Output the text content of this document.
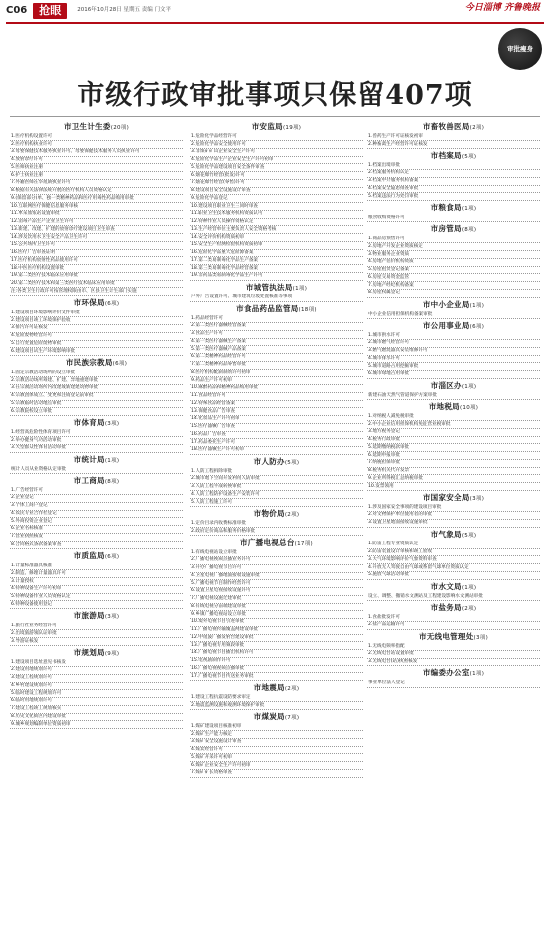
C06	抢眼	2016年10月28日 星期五 责编 门文平	今日淄博 齐鲁晚报
审批瘦身
市级行政审批事项只保留407项
市卫生计生委(20项)
1.医疗机构设置许可
2.医疗机构执业许可
3.母婴保健技术服务执业许可、母婴保健技术服务人员执业许可
4.放射诊疗许可
5.医师执业注册
6.护士执业注册
7.外籍医师在华短期执业许可
8.根据有关法律法规开展的医疗机构人员资格认定
9.(保留部分)单、独一类精神药品和医疗用毒性药品购用审批
10.互联网医疗保健信息服务审核
11.单采血浆站设置审批
12.消毒产品生产企业卫生许可
13.新建、改建、扩建的放射诊疗建设项目卫生审查
14.涉及饮用水卫生安全产品卫生许可
15.公共场所卫生许可
16.医疗广告审查证明
17.医疗机构放射性药品使用许可
18.中医医疗机构设置审批
19.第二类医疗技术临床应用审批
20.第二类医疗技术和第三类医疗技术临床应用审批
注:各类卫生行政许可按管理权限由市、区县卫生计生部门实施
市环保局(6项)
1.建设项目环境影响评价文件审批
2.建设项目竣工环境保护验收
3.排污许可证核发
4.危险废物经营许可
5.自行处置危险废物审批
6.建设项目试生产环境影响审批
市民族宗教局(6项)
1.固定宗教活动场所的设立审批
2.宗教活动场所筹建、扩建、异地重建审批
3.在宗教活动场所内改建或新建建筑物审批
4.宗教团体成立、变更和注销登记前审批
5.宗教临时活动地点审批
6.宗教院校设立审批
市体育局(3项)
1.经营高危险性体育项目许可
2.举办健身气功活动审批
3.大型群众性体育活动审批
市统计局(1项)
统计人员从业资格认定审批
市工商局(8项)
1.广告经营许可
2.企业登记
3.个体工商户登记
4.农民专业合作社登记
5.外商投资企业登记
6.企业名称核准
7.营业执照核发
8.合同格式条款备案审查
市质监局(6项)
1.计量标准器具核准
2.制造、修理计量器具许可
3.计量授权
4.特种设备生产许可初审
5.特种设备作业人员资格认定
6.特种设备使用登记
市旅游局(3项)
1.旅行社业务经营许可
2.出境旅游领队证审批
3.导游证核发
市规划局(9项)
1.建设项目选址意见书核发
2.建设用地规划许可
3.建设工程规划许可
4.乡村建设规划许可
5.临时建设工程规划许可
6.临时用地规划许可
7.建设工程竣工规划核实
8.历史文化街区内建设审批
9.城乡规划编制单位资质初审
市安监局(19项)
1.危险化学品经营许可
2.危险化学品安全使用许可
3.非煤矿矿山企业安全生产许可
4.危险化学品生产企业安全生产许可初审
5.危险化学品建设项目安全条件审查
6.烟花爆竹经营(批发)许可
7.烟花爆竹经营(零售)许可
8.建设项目安全设施设计审查
9.危险化学品登记
10.建设项目职业卫生三同时审查
11.职业卫生技术服务机构资质认可
12.特种作业人员操作资格认定
13.生产经营单位主要负责人安全资格考核
14.安全评价机构资质初审
15.安全生产检测检验机构资质初审
16.危险化学品重大危险源备案
17.第二类易制毒化学品生产备案
18.第三类易制毒化学品经营备案
19.非药品类易制毒化学品生产许可
市城管执法局(1项)
户外广告设置许可、城市建筑垃圾处置核准等事项
市食品药品监管局(18项)
1.药品经营许可
2.第二类医疗器械经营备案
3.食品生产许可
4.第一类医疗器械生产备案
5.第一类医疗器械产品备案
6.第二类精神药品经营许可
7.第二类精神药品零售审批
8.医疗机构配制制剂许可初审
9.药品生产许可初审
10.麻醉药品和精神药品购用审批
11.食品经营许可
12.特殊食品经营备案
13.保健食品广告审查
14.化妆品生产许可初审
15.医疗器械广告审查
16.药品广告审查
17.药品委托生产许可
18.医疗器械生产许可初审
市人防办(5项)
1.人防工程拆除审批
2.城市地下空间开发利用人防审批
3.人防工程平战转换审批
4.人防工程防护设备生产安装许可
5.人防工程施工许可
市物价局(2项)
1.定价目录内收费标准审批
2.政府定价商品和服务价格审批
市广播电视总台(17项)
1.有线电视站设立审批
2.广播电视视频点播业务许可
3.开办广播电视节目许可
4.卫星电视广播地面接收设施审批
5.广播电视节目制作经营许可
6.设置卫星电视接收设施许可
7.广播电视设施迁建审批
8.有线电视分前端建设审批
9.乡镇广播电视站设立审批
10.境外电视节目引进审批
11.广播电视传输覆盖网建设审批
12.中短波广播发射台建设审批
13.广播电视专用频段审批
14.广播电视节目播出机构许可
15.电视剧制作许可
16.广播电视视频点播审批
17.广播电视节目传送业务审批
市地震局(2项)
1.建设工程抗震设防要求审定
2.地震监测设施和观测环境保护审批
市煤炭局(7项)
1.煤矿建设项目核准初审
2.煤矿生产能力核定
3.煤矿安全设施设计审查
4.煤炭经营许可
5.煤矿开采许可初审
6.煤矿企业安全生产许可初审
7.煤矿矿长资格审查
市畜牧兽医局(2项)
1.兽药生产许可证核发初审
2.种畜禽生产经营许可证核发
市档案局(5项)
1.档案出境审批
2.档案服务机构认定
3.档案中介服务机构备案
4.档案安全隐患排查审批
5.档案违法行为处罚审批
市粮食局(1项)
粮食收购资格许可
市房管局(8项)
1.商品房预售许可
2.房地产开发企业资质核定
3.物业服务企业资质
4.房地产估价机构资质
5.房屋租赁登记备案
6.房屋交易资金监管
7.房地产经纪机构备案
8.房屋权属登记
市中小企业局(1项)
中小企业信用担保机构备案审批
市公用事业局(6项)
1.城市供水许可
2.城市燃气经营许可
3.燃气燃烧器具安装维修许可
4.城市排水许可
5.城市道路占用挖掘审批
6.城市绿地占用审批
市淄区办(1项)
新建石油天然气管道保护方案审批
市地税局(10项)
1.对纳税人减免税审批
2.中小企业信用担保机构免征营业税审批
3.地方税务登记
4.税务行政审批
5.延期缴纳税款审批
6.延期申报审批
7.纳税担保审批
8.税务机关代开发票
9.企业所得税汇总纳税审批
10.发票领用
市国家安全局(3项)
1.涉及国家安全事项的建设项目审批
2.对文物保护单位使用者的审批
3.设置卫星地面接收设施审批
市气象局(5项)
1.防雷工程专业资质认定
2.防雷装置设计审核和竣工验收
3.大气环境影响评价气象资料审查
4.升放无人驾驶自由气球或系留气球单位资质认定
5.施放气球活动审批
市水文局(1项)
设立、调整、撤销水文测站及工程建设影响水文测站审批
市盐务局(2项)
1.食盐批发许可
2.盐产品运输许可
市无线电管理处(3项)
1.无线电频率指配
2.无线电台站设置审批
3.无线电台(站)执照核发
市编委办公室(1项)
事业单位法人登记
